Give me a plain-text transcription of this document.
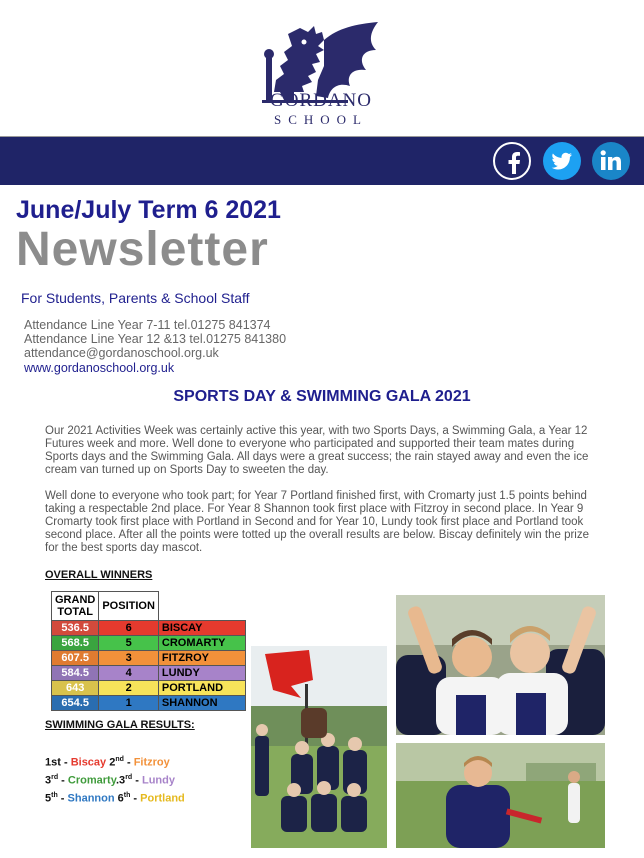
GORDANO
SCHOOL
June/July Term 6 2021
Newsletter
For Students, Parents & School Staff
Attendance Line Year 7-11 tel.01275 841374
Attendance Line Year 12 &13 tel.01275 841380
attendance@gordanoschool.org.uk
www.gordanoschool.org.uk
SPORTS DAY & SWIMMING GALA 2021
Our 2021 Activities Week was certainly active this year, with two Sports Days, a Swimming Gala, a Year 12 Futures week and more. Well done to everyone who participated and supported their team mates during Sports days and the Swimming Gala. All days were a great success; the rain stayed away and even the ice cream van turned up on Sports Day to sweeten the day.
Well done to everyone who took part; for Year 7 Portland finished first, with Cromarty just 1.5 points behind taking a respectable 2nd place. For Year 8 Shannon took first place with Fitzroy in second place. In Year 9 Cromarty took first place with Portland in Second and for Year 10, Lundy took first place and Portland took second place. After all the points were totted up the overall results are below. Biscay definitely win the prize for the best sports day mascot.
OVERALL WINNERS
GRAND TOTAL	POSITION	
536.5	6	BISCAY
568.5	5	CROMARTY
607.5	3	FITZROY
584.5	4	LUNDY
643	2	PORTLAND
654.5	1	SHANNON
SWIMMING GALA RESULTS:
1st - Biscay 2nd - Fitzroy
3rd - Cromarty.3rd - Lundy
5th - Shannon 6th - Portland
